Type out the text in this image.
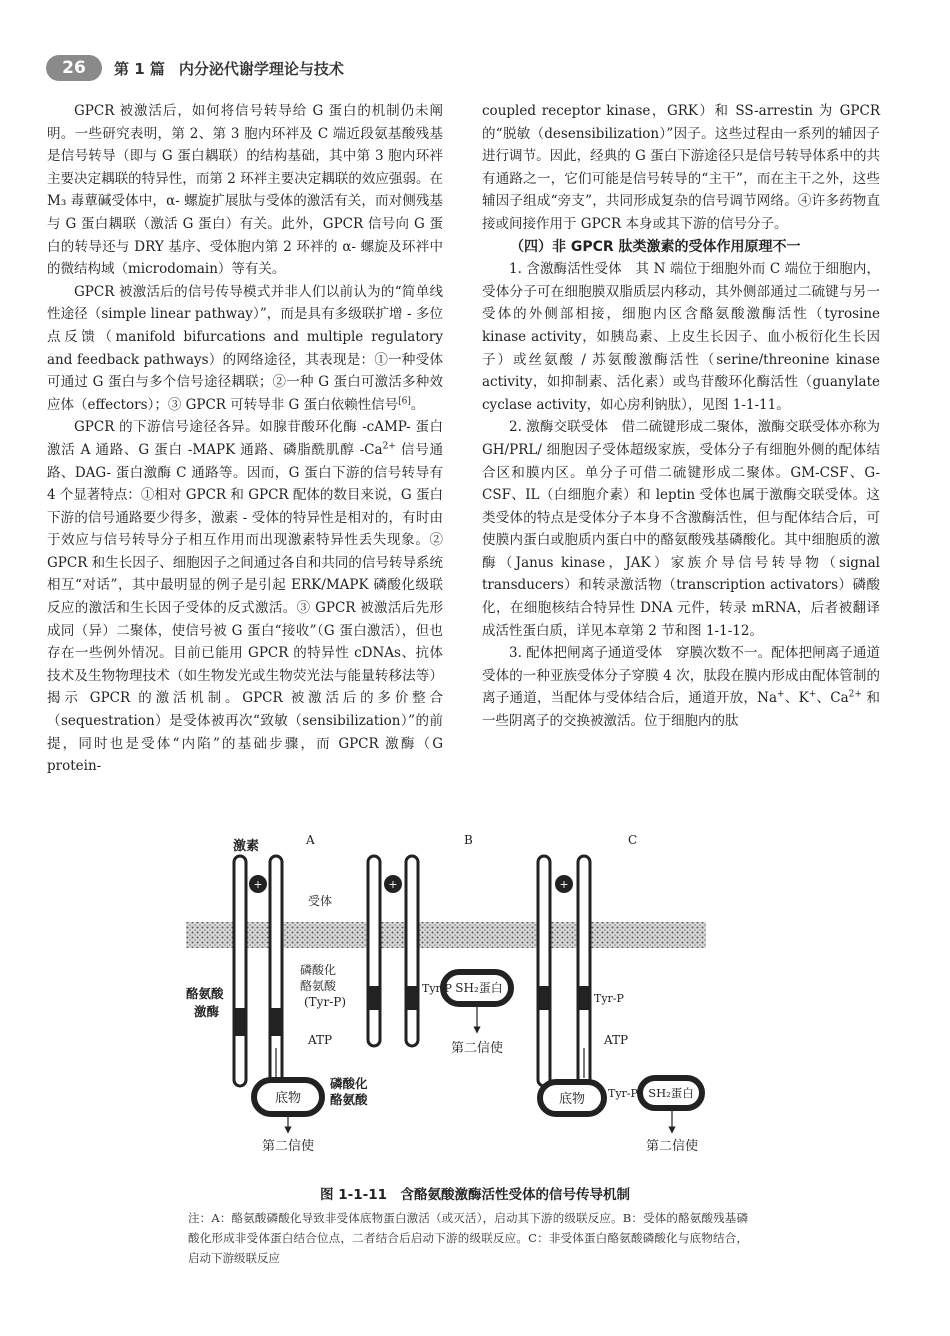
26	第 1 篇 内分泌代谢学理论与技术

GPCR 被激活后，如何将信号转导给 G 蛋白的机制仍未阐明。一些研究表明，第 2、第 3 胞内环袢及 C 端近段氨基酸残基是信号转导（即与 G 蛋白耦联）的结构基础，其中第 3 胞内环袢主要决定耦联的特异性，而第 2 环袢主要决定耦联的效应强弱。在 M₃ 毒蕈碱受体中，α- 螺旋扩展肽与受体的激活有关，而对侧残基与 G 蛋白耦联（激活 G 蛋白）有关。此外，GPCR 信号向 G 蛋白的转导还与 DRY 基序、受体胞内第 2 环袢的 α- 螺旋及环袢中的微结构域（microdomain）等有关。

GPCR 被激活后的信号传导模式并非人们以前认为的“简单线性途径（simple linear pathway）”，而是具有多级联扩增 - 多位点反馈（manifold bifurcations and multiple regulatory and feedback pathways）的网络途径，其表现是：①一种受体可通过 G 蛋白与多个信号途径耦联；②一种 G 蛋白可激活多种效应体（effectors）；③ GPCR 可转导非 G 蛋白依赖性信号[6]。

GPCR 的下游信号途径各异。如腺苷酸环化酶 -cAMP- 蛋白激活 A 通路、G 蛋白 -MAPK 通路、磷脂酰肌醇 $-Ca^{2+}$ 信号通路、DAG- 蛋白激酶 C 通路等。因而，G 蛋白下游的信号转导有 4 个显著特点：①相对 GPCR 和 GPCR 配体的数目来说，G 蛋白下游的信号通路要少得多，激素 - 受体的特异性是相对的，有时由于效应与信号转导分子相互作用而出现激素特异性丢失现象。② GPCR 和生长因子、细胞因子之间通过各自和共同的信号转导系统相互“对话”，其中最明显的例子是引起 ERK/MAPK 磷酸化级联反应的激活和生长因子受体的反式激活。③ GPCR 被激活后先形成同（异）二聚体，使信号被 G 蛋白“接收”（G 蛋白激活），但也存在一些例外情况。目前已能用 GPCR 的特异性 cDNAs、抗体技术及生物物理技术（如生物发光或生物荧光法与能量转移法等）揭示 GPCR 的激活机制。GPCR 被激活后的多价整合（sequestration）是受体被再次“致敏（sensibilization）”的前提，同时也是受体“内陷”的基础步骤，而 GPCR 激酶（G protein-

coupled receptor kinase，GRK）和 SS-arrestin 为 GPCR 的“脱敏（desensibilization）”因子。这些过程由一系列的辅因子进行调节。因此，经典的 G 蛋白下游途径只是信号转导体系中的共有通路之一，它们可能是信号转导的“主干”，而在主干之外，这些辅因子组成“旁支”，共同形成复杂的信号调节网络。④许多药物直接或间接作用于 GPCR 本身或其下游的信号分子。

（四）非 GPCR 肽类激素的受体作用原理不一

1. 含激酶活性受体　其 N 端位于细胞外而 C 端位于细胞内，受体分子可在细胞膜双脂质层内移动，其外侧部通过二硫键与另一受体的外侧部相接，细胞内区含酪氨酸激酶活性（tyrosine kinase activity，如胰岛素、上皮生长因子、血小板衍化生长因子）或丝氨酸 / 苏氨酸激酶活性（serine/threonine kinase activity，如抑制素、活化素）或鸟苷酸环化酶活性（guanylate cyclase activity，如心房利钠肽），见图 1-1-11。

2. 激酶交联受体　借二硫键形成二聚体，激酶交联受体亦称为 GH/PRL/ 细胞因子受体超级家族，受体分子有细胞外侧的配体结合区和膜内区。单分子可借二硫键形成二聚体。GM-CSF、G-CSF、IL（白细胞介素）和 leptin 受体也属于激酶交联受体。这类受体的特点是受体分子本身不含激酶活性，但与配体结合后，可使膜内蛋白或胞质内蛋白中的酪氨酸残基磷酸化。其中细胞质的激酶（Janus kinase，JAK）家族介导信号转导物（signal transducers）和转录激活物（transcription activators）磷酸化，在细胞核结合特异性 DNA 元件，转录 mRNA，后者被翻译成活性蛋白质，详见本章第 2 节和图 1-1-12。

3. 配体把闸离子通道受体　穿膜次数不一。配体把闸离子通道受体的一种亚族受体分子穿膜 4 次，肽段在膜内形成由配体管制的离子通道，当配体与受体结合后，通道开放，Na+、K+、$Ca^{2+}$ 和一些阴离子的交换被激活。位于细胞内的肽

A	B	C
+
激素
受体
酪氨酸激酶
磷酸化酪氨酸(Tyr-P)
ATP
底物
磷酸化酪氨酸
第二信使
+
Tyr-P SH₂蛋白
第二信使
+
Tyr-P
ATP
底物 Tyr-P SH₂蛋白
第二信使
图 1-1-11　含酪氨酸激酶活性受体的信号传导机制
注：A：酪氨酸磷酸化导致非受体底物蛋白激活（或灭活），启动其下游的级联反应。B：受体的酪氨酸残基磷酸化形成非受体蛋白结合位点，二者结合后启动下游的级联反应。C：非受体蛋白酪氨酸磷酸化与底物结合，启动下游级联反应
